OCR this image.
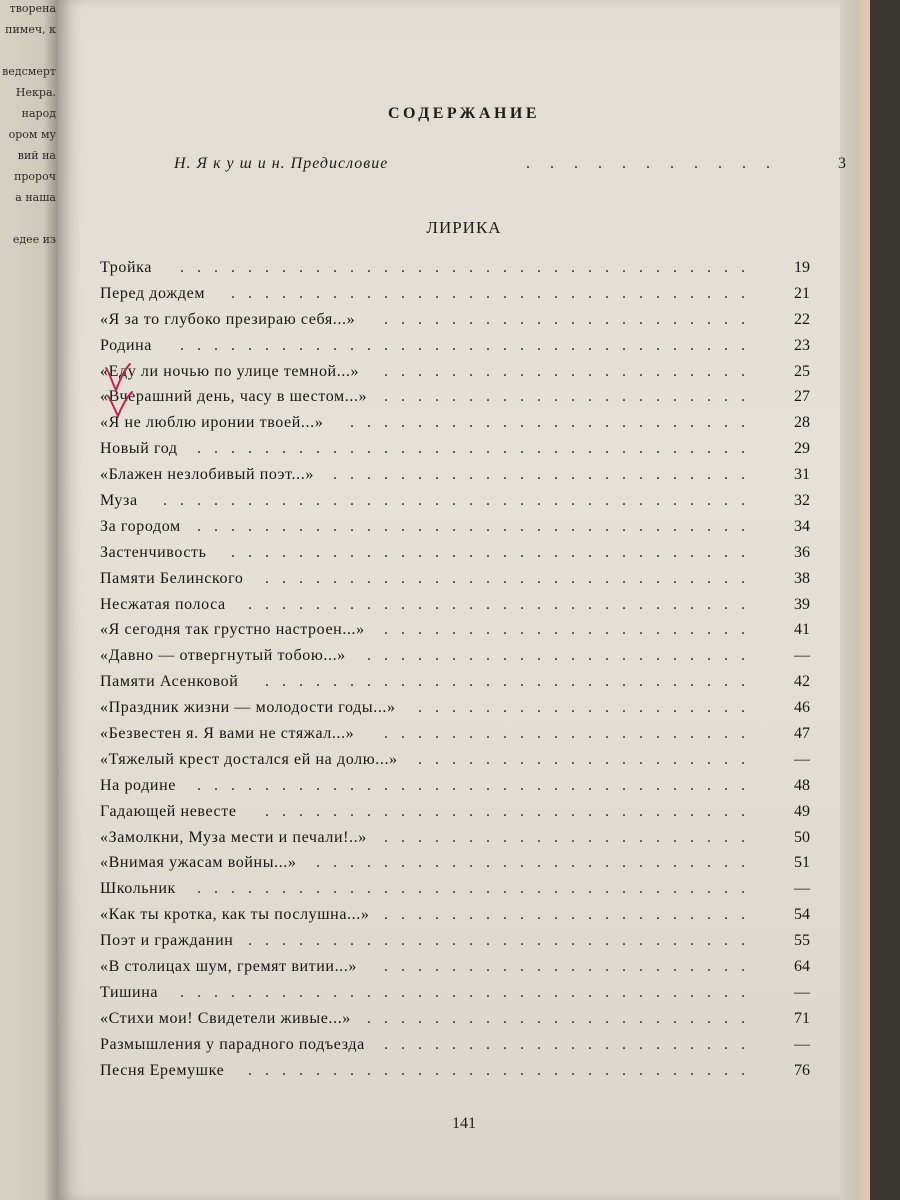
творена
пимеч, к
ведсмерт
Некра.
народ
ором му
вий на
пророч
а наша
едее из
СОДЕРЖАНИЕ
Н. Я к у ш и н. Предисловие	. . . . . . . . . . .	3
ЛИРИКА
Тройка ..................................	19
Перед дождем ...............................	21
«Я за то глубоко презираю себя...» ......................	22
Родина ..................................	23
«Еду ли ночью по улице темной...» ......................	25
«Вчерашний день, часу в шестом...» ......................	27
«Я не люблю иронии твоей...» ........................	28
Новый год .................................	29
«Блажен незлобивый поэт...» .........................	31
Муза ...................................	32
За городом .................................	34
Застенчивость ...............................	36
Памяти Белинского .............................	38
Несжатая полоса ..............................	39
«Я сегодня так грустно настроен...» ......................	41
«Давно — отвергнутый тобою...» .......................	—
Памяти Асенковой .............................	42
«Праздник жизни — молодости годы...» ....................	46
«Безвестен я. Я вами не стяжал...» ......................	47
«Тяжелый крест достался ей на долю...» ....................	—
На родине .................................	48
Гадающей невесте .............................	49
«Замолкни, Муза мести и печали!..» ......................	50
«Внимая ужасам войны...» ..........................	51
Школьник .................................	—
«Как ты кротка, как ты послушна...» ......................	54
Поэт и гражданин ..............................	55
«В столицах шум, гремят витии...» ......................	64
Тишина ..................................	—
«Стихи мои! Свидетели живые...» .......................	71
Размышления у парадного подъезда ......................	—
Песня Еремушке ..............................	76
141
